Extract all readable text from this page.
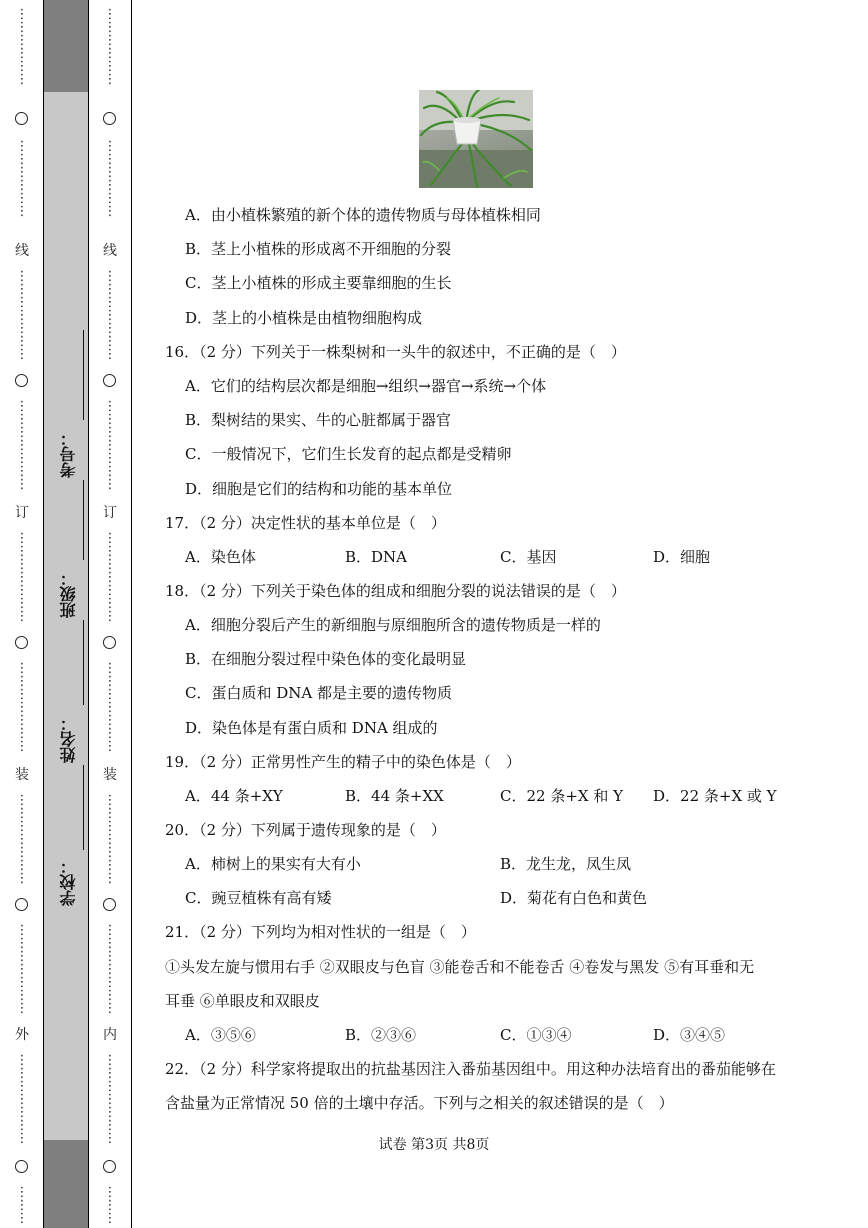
⋮
⋮
⋮
⋮
⋮
⋮
⋮
⋮
⋮
⋮
⋮
⋮
线
⋮
⋮
⋮
⋮
⋮
⋮
⋮
⋮
⋮
⋮
⋮
⋮
⋮
⋮
订
⋮
⋮
⋮
⋮
⋮
⋮
⋮
⋮
⋮
⋮
⋮
⋮
⋮
⋮
装
⋮
⋮
⋮
⋮
⋮
⋮
⋮
⋮
⋮
⋮
⋮
⋮
⋮
⋮
外
⋮
⋮
⋮
⋮
⋮
⋮
⋮
⋮
⋮
⋮
考号：
班级：
姓名：
学校：
⋮
⋮
⋮
⋮
⋮
⋮
⋮
⋮
⋮
⋮
⋮
⋮
线
⋮
⋮
⋮
⋮
⋮
⋮
⋮
⋮
⋮
⋮
⋮
⋮
⋮
⋮
订
⋮
⋮
⋮
⋮
⋮
⋮
⋮
⋮
⋮
⋮
⋮
⋮
⋮
⋮
装
⋮
⋮
⋮
⋮
⋮
⋮
⋮
⋮
⋮
⋮
⋮
⋮
⋮
⋮
内
⋮
⋮
⋮
⋮
⋮
⋮
⋮
⋮
⋮
⋮
A．由小植株繁殖的新个体的遗传物质与母体植株相同
B．茎上小植株的形成离不开细胞的分裂
C．茎上小植株的形成主要靠细胞的生长
D．茎上的小植株是由植物细胞构成
16．（2 分）下列关于一株梨树和一头牛的叙述中，不正确的是（　）
A．它们的结构层次都是细胞→组织→器官→系统→个体
B．梨树结的果实、牛的心脏都属于器官
C．一般情况下，它们生长发育的起点都是受精卵
D．细胞是它们的结构和功能的基本单位
17．（2 分）决定性状的基本单位是（　）
A．染色体	B．DNA	C．基因	D．细胞
18．（2 分）下列关于染色体的组成和细胞分裂的说法错误的是（　）
A．细胞分裂后产生的新细胞与原细胞所含的遗传物质是一样的
B．在细胞分裂过程中染色体的变化最明显
C．蛋白质和 DNA 都是主要的遗传物质
D．染色体是有蛋白质和 DNA 组成的
19．（2 分）正常男性产生的精子中的染色体是（　）
A．44 条+XY	B．44 条+XX	C．22 条+X 和 Y D．22 条+X 或 Y
20．（2 分）下列属于遗传现象的是（　）
A．柿树上的果实有大有小	B．龙生龙，凤生凤
C．豌豆植株有高有矮	D．菊花有白色和黄色
21．（2 分）下列均为相对性状的一组是（　）
①头发左旋与惯用右手 ②双眼皮与色盲 ③能卷舌和不能卷舌 ④卷发与黑发 ⑤有耳垂和无
耳垂 ⑥单眼皮和双眼皮
A．③⑤⑥	B．②③⑥	C．①③④	D．③④⑤
22．（2 分）科学家将提取出的抗盐基因注入番茄基因组中。用这种办法培育出的番茄能够在
含盐量为正常情况 50 倍的土壤中存活。下列与之相关的叙述错误的是（　）
试卷 第3页 共8页
